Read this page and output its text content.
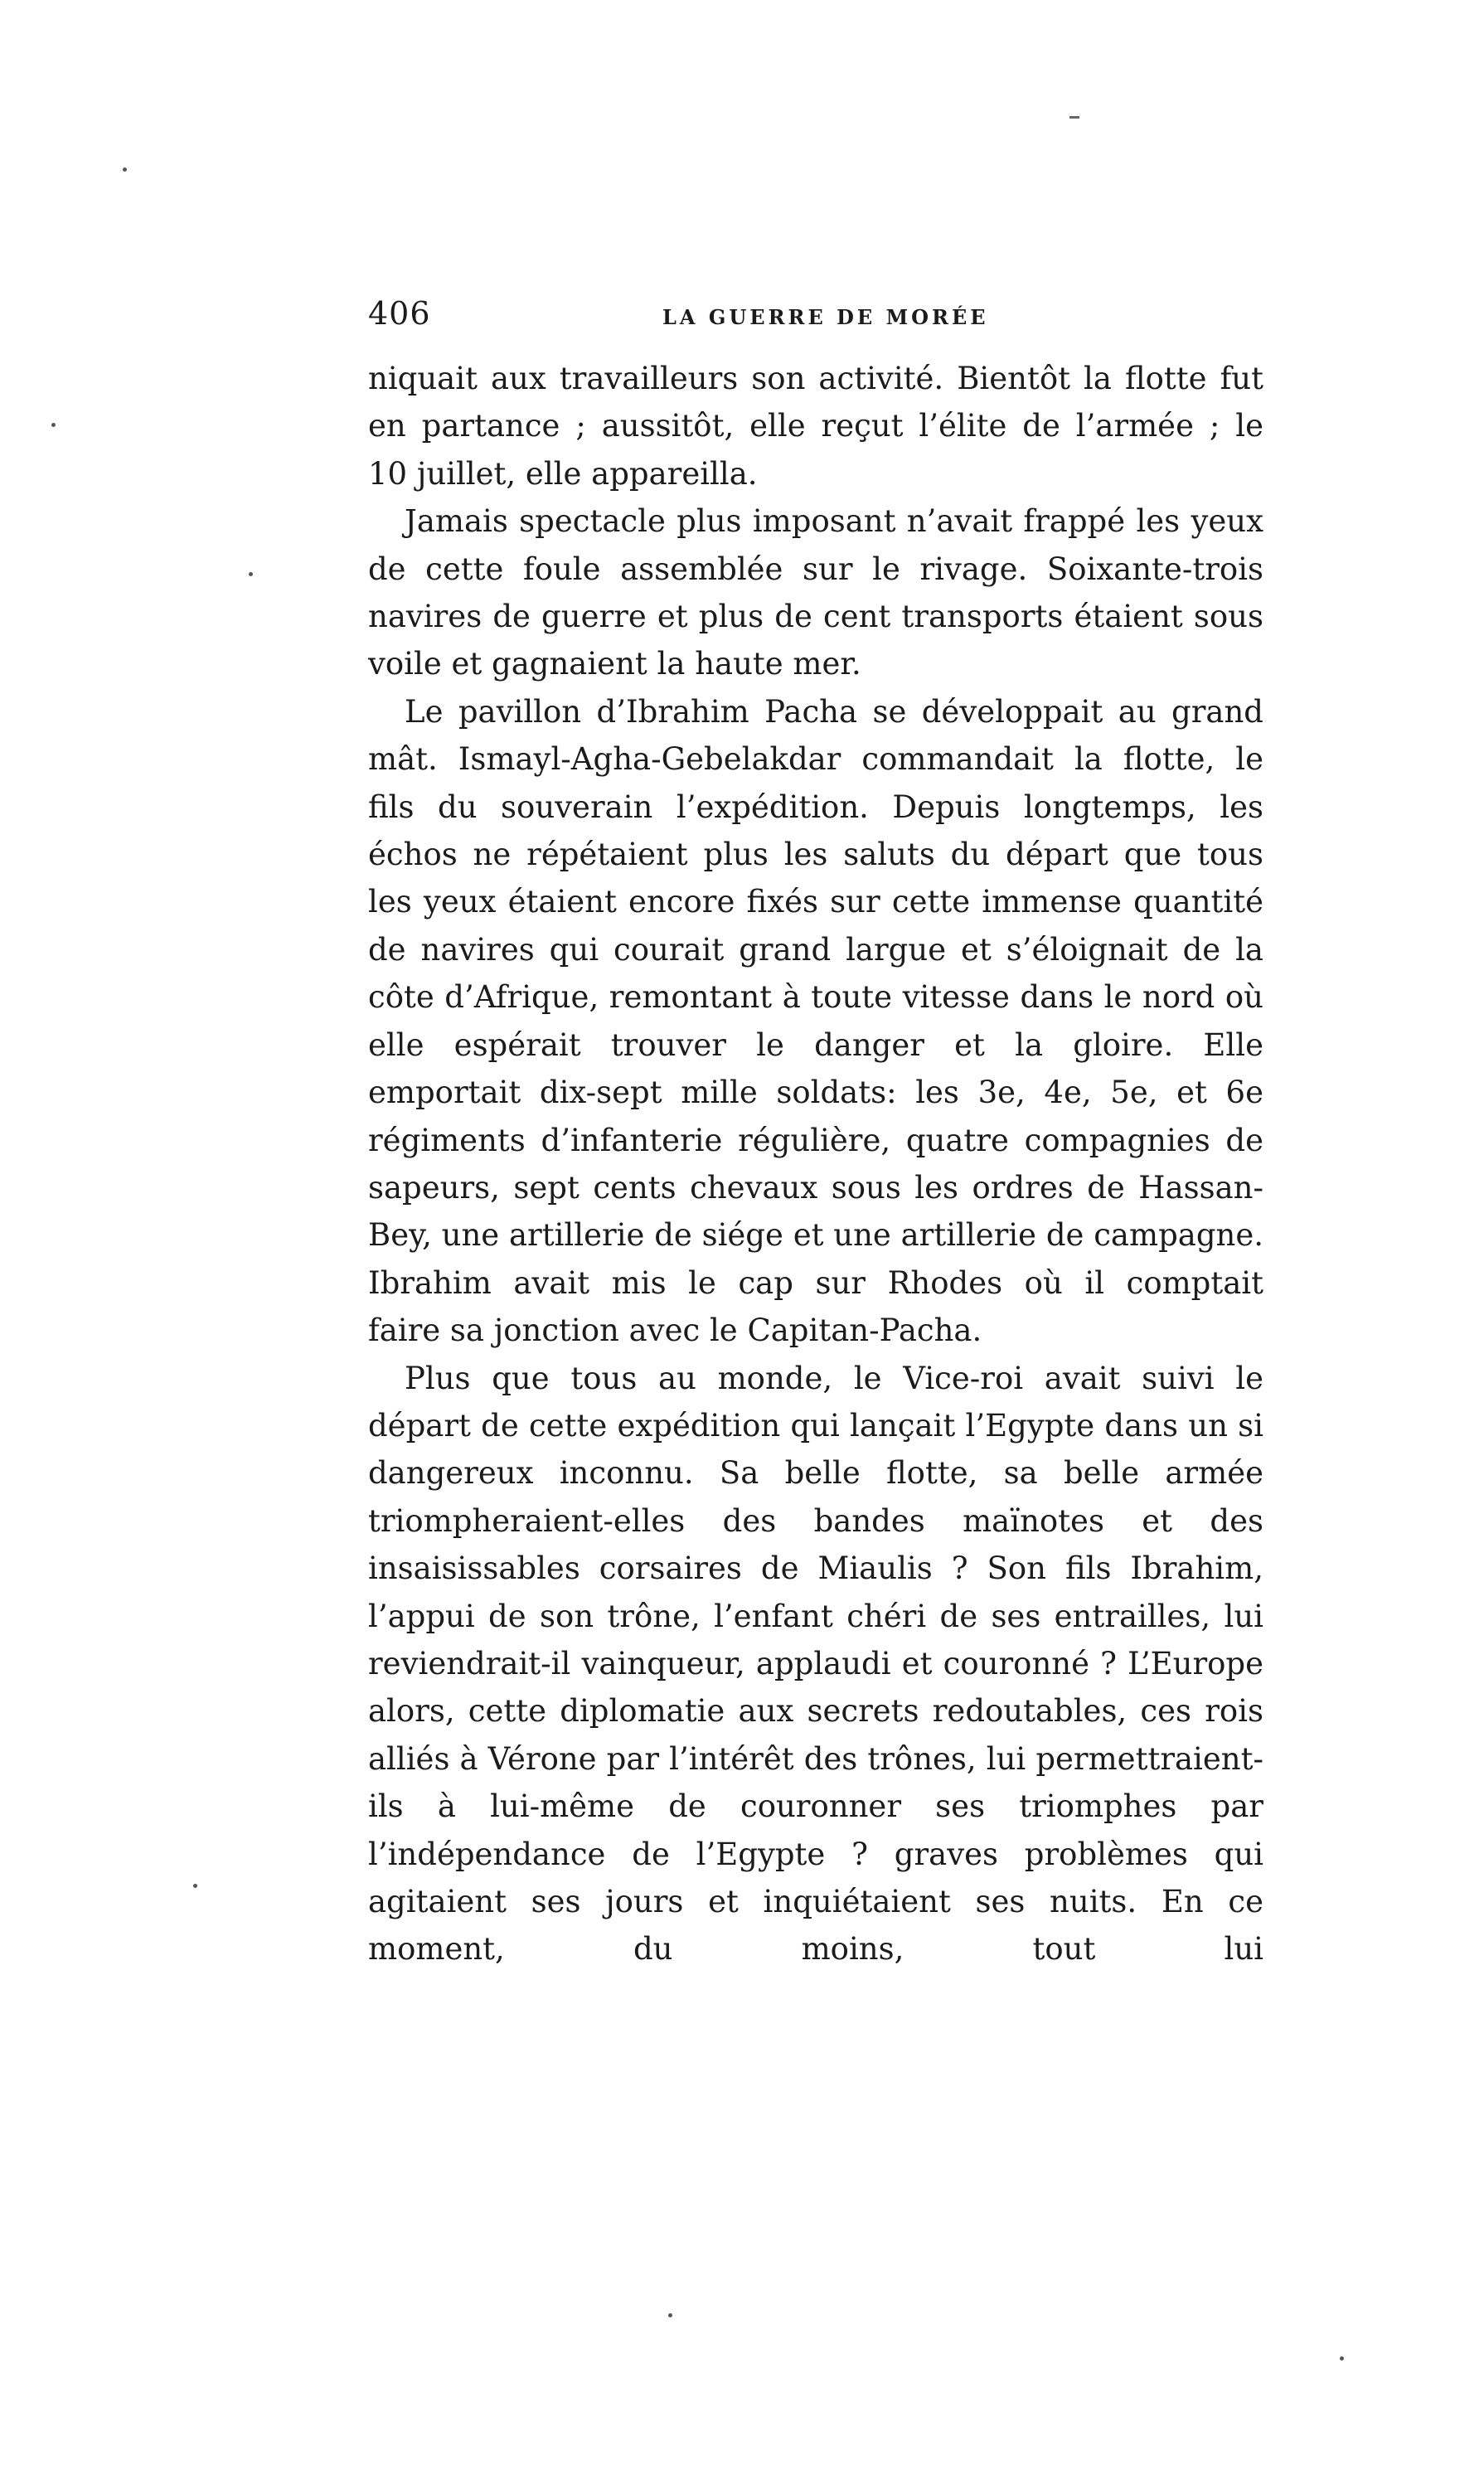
406	LA GUERRE DE MORÉE

niquait aux travailleurs son activité. Bientôt la flotte fut en partance ; aussitôt, elle reçut l’élite de l’armée ; le

10 juillet, elle appareilla.

Jamais spectacle plus imposant n’avait frappé les yeux de cette foule assemblée sur le rivage. Soixante-trois navires de guerre et plus de cent transports étaient sous

voile et gagnaient la haute mer.

Le pavillon d’Ibrahim Pacha se développait au grand mât. Ismayl-Agha-Gebelakdar commandait la flotte, le fils du souverain l’expédition. Depuis longtemps, les échos ne répétaient plus les saluts du départ que tous les yeux étaient encore fixés sur cette immense quantité de navires qui courait grand largue et s’éloignait de la côte d’Afrique, remontant à toute vitesse dans le nord où elle espérait trouver le danger et la gloire. Elle emportait dix-sept mille soldats: les 3e, 4e, 5e, et 6e régiments d’infanterie régulière, quatre compagnies de sapeurs, sept cents chevaux sous les ordres de Hassan-Bey, une artillerie de siége et une artillerie de campagne. Ibrahim avait mis le cap sur Rhodes où il comptait

faire sa jonction avec le Capitan-Pacha.

Plus que tous au monde, le Vice-roi avait suivi le départ de cette expédition qui lançait l’Egypte dans un si dangereux inconnu. Sa belle flotte, sa belle armée triompheraient-elles des bandes maïnotes et des insaisissables corsaires de Miaulis ? Son fils Ibrahim, l’appui de son trône, l’enfant chéri de ses entrailles, lui reviendrait-il vainqueur, applaudi et couronné ? L’Europe alors, cette diplomatie aux secrets redoutables, ces rois alliés à Vérone par l’intérêt des trônes, lui permettraient-ils à lui-même de couronner ses triomphes par l’indépendance de l’Egypte ? graves problèmes qui agitaient ses jours et inquiétaient ses nuits. En ce moment, du moins, tout lui
